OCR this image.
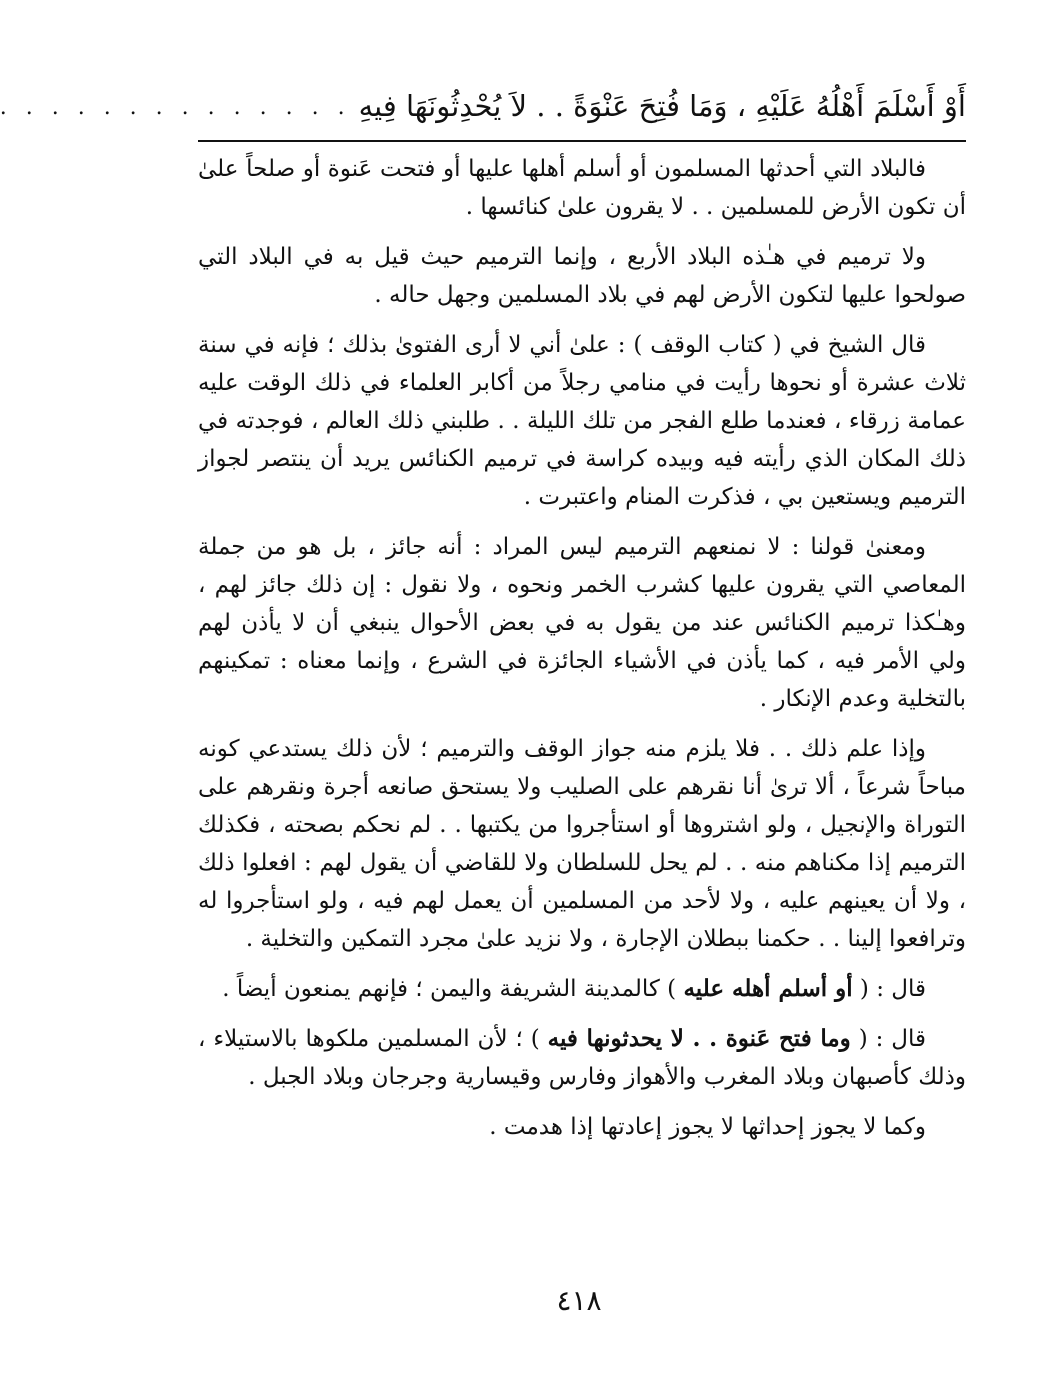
أَوْ أَسْلَمَ أَهْلُهُ عَلَيْهِ ، وَمَا فُتِحَ عَنْوَةً . . لاَ يُحْدِثُونَهَا فِيهِ
. . . . . . . . . . . . . .

فالبلاد التي أحدثها المسلمون أو أسلم أهلها عليها أو فتحت عَنوة أو صلحاً علىٰ أن تكون الأرض للمسلمين . . لا يقرون علىٰ كنائسها .

ولا ترميم في هـٰذه البلاد الأربع ، وإنما الترميم حيث قيل به في البلاد التي صولحوا عليها لتكون الأرض لهم في بلاد المسلمين وجهل حاله .

قال الشيخ في ( كتاب الوقف ) : علىٰ أني لا أرى الفتوىٰ بذلك ؛ فإنه في سنة ثلاث عشرة أو نحوها رأيت في منامي رجلاً من أكابر العلماء في ذلك الوقت عليه عمامة زرقاء ، فعندما طلع الفجر من تلك الليلة . . طلبني ذلك العالم ، فوجدته في ذلك المكان الذي رأيته فيه وبيده كراسة في ترميم الكنائس يريد أن ينتصر لجواز الترميم ويستعين بي ، فذكرت المنام واعتبرت .

ومعنىٰ قولنا : لا نمنعهم الترميم ليس المراد : أنه جائز ، بل هو من جملة المعاصي التي يقرون عليها كشرب الخمر ونحوه ، ولا نقول : إن ذلك جائز لهم ، وهـٰكذا ترميم الكنائس عند من يقول به في بعض الأحوال ينبغي أن لا يأذن لهم ولي الأمر فيه ، كما يأذن في الأشياء الجائزة في الشرع ، وإنما معناه : تمكينهم بالتخلية وعدم الإنكار .

وإذا علم ذلك . . فلا يلزم منه جواز الوقف والترميم ؛ لأن ذلك يستدعي كونه مباحاً شرعاً ، ألا ترىٰ أنا نقرهم على الصليب ولا يستحق صانعه أجرة ونقرهم على التوراة والإنجيل ، ولو اشتروها أو استأجروا من يكتبها . . لم نحكم بصحته ، فكذلك الترميم إذا مكناهم منه . . لم يحل للسلطان ولا للقاضي أن يقول لهم : افعلوا ذلك ، ولا أن يعينهم عليه ، ولا لأحد من المسلمين أن يعمل لهم فيه ، ولو استأجروا له وترافعوا إلينا . . حكمنا ببطلان الإجارة ، ولا نزيد علىٰ مجرد التمكين والتخلية .

قال : ( أو أسلم أهله عليه ) كالمدينة الشريفة واليمن ؛ فإنهم يمنعون أيضاً .

قال : ( وما فتح عَنوة . . لا يحدثونها فيه ) ؛ لأن المسلمين ملكوها بالاستيلاء ، وذلك كأصبهان وبلاد المغرب والأهواز وفارس وقيسارية وجرجان وبلاد الجبل .

وكما لا يجوز إحداثها لا يجوز إعادتها إذا هدمت .

٤١٨
